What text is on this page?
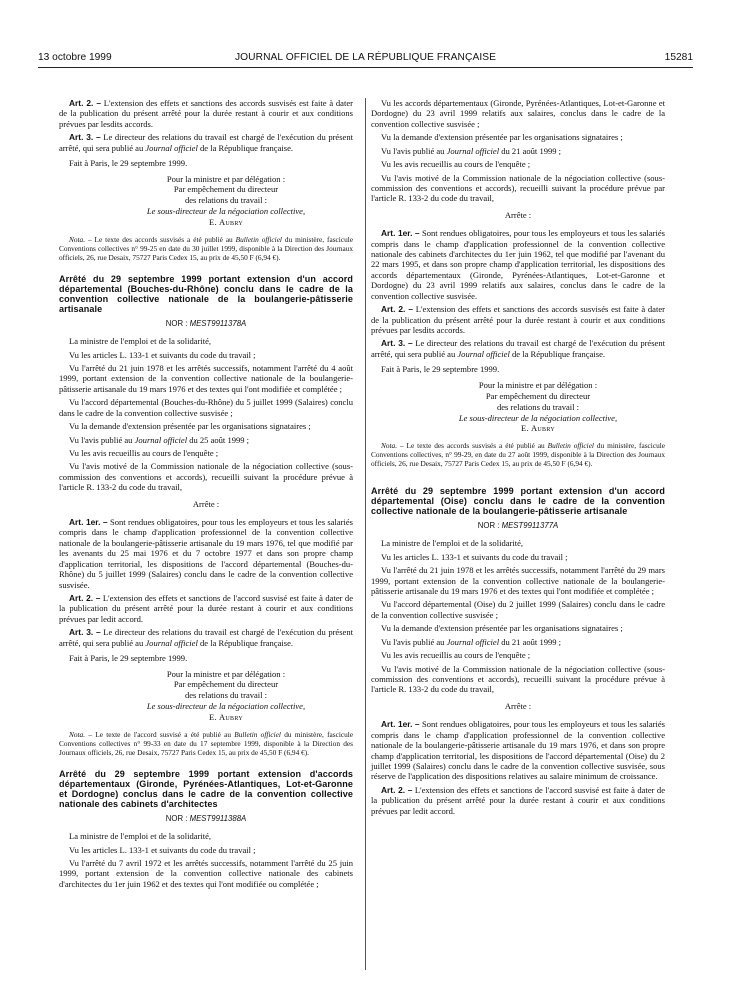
13 octobre 1999	JOURNAL OFFICIEL DE LA RÉPUBLIQUE FRANÇAISE	15281

Art. 2. – L'extension des effets et sanctions des accords susvisés est faite à dater de la publication du présent arrêté pour la durée restant à courir et aux conditions prévues par lesdits accords.

Art. 3. – Le directeur des relations du travail est chargé de l'exécution du présent arrêté, qui sera publié au Journal officiel de la République française.

Fait à Paris, le 29 septembre 1999.

Pour la ministre et par délégation :
Par empêchement du directeur
des relations du travail :
Le sous-directeur de la négociation collective,
E. Aubry

Nota. – Le texte des accords susvisés a été publié au Bulletin officiel du ministère, fascicule Conventions collectives n° 99-25 en date du 30 juillet 1999, disponible à la Direction des Journaux officiels, 26, rue Desaix, 75727 Paris Cedex 15, au prix de 45,50 F (6,94 €).

Arrêté du 29 septembre 1999 portant extension d'un accord départemental (Bouches-du-Rhône) conclu dans le cadre de la convention collective nationale de la boulangerie-pâtisserie artisanale
NOR : MEST9911378A

La ministre de l'emploi et de la solidarité,

Vu les articles L. 133-1 et suivants du code du travail ;

Vu l'arrêté du 21 juin 1978 et les arrêtés successifs, notamment l'arrêté du 4 août 1999, portant extension de la convention collective nationale de la boulangerie-pâtisserie artisanale du 19 mars 1976 et des textes qui l'ont modifiée et complétée ;

Vu l'accord départemental (Bouches-du-Rhône) du 5 juillet 1999 (Salaires) conclu dans le cadre de la convention collective susvisée ;

Vu la demande d'extension présentée par les organisations signataires ;

Vu l'avis publié au Journal officiel du 25 août 1999 ;

Vu les avis recueillis au cours de l'enquête ;

Vu l'avis motivé de la Commission nationale de la négociation collective (sous-commission des conventions et accords), recueilli suivant la procédure prévue à l'article R. 133-2 du code du travail,

Arrête :

Art. 1er. – Sont rendues obligatoires, pour tous les employeurs et tous les salariés compris dans le champ d'application professionnel de la convention collective nationale de la boulangerie-pâtisserie artisanale du 19 mars 1976, tel que modifié par les avenants du 25 mai 1976 et du 7 octobre 1977 et dans son propre champ d'application territorial, les dispositions de l'accord départemental (Bouches-du-Rhône) du 5 juillet 1999 (Salaires) conclu dans le cadre de la convention collective susvisée.

Art. 2. – L'extension des effets et sanctions de l'accord susvisé est faite à dater de la publication du présent arrêté pour la durée restant à courir et aux conditions prévues par ledit accord.

Art. 3. – Le directeur des relations du travail est chargé de l'exécution du présent arrêté, qui sera publié au Journal officiel de la République française.

Fait à Paris, le 29 septembre 1999.

Pour la ministre et par délégation :
Par empêchement du directeur
des relations du travail :
Le sous-directeur de la négociation collective,
E. Aubry

Nota. – Le texte de l'accord susvisé a été publié au Bulletin officiel du ministère, fascicule Conventions collectives n° 99-33 en date du 17 septembre 1999, disponible à la Direction des Journaux officiels, 26, rue Desaix, 75727 Paris Cedex 15, au prix de 45,50 F (6,94 €).

Arrêté du 29 septembre 1999 portant extension d'accords départementaux (Gironde, Pyrénées-Atlantiques, Lot-et-Garonne et Dordogne) conclus dans le cadre de la convention collective nationale des cabinets d'architectes
NOR : MEST9911388A

La ministre de l'emploi et de la solidarité,

Vu les articles L. 133-1 et suivants du code du travail ;

Vu l'arrêté du 7 avril 1972 et les arrêtés successifs, notamment l'arrêté du 25 juin 1999, portant extension de la convention collective nationale des cabinets d'architectes du 1er juin 1962 et des textes qui l'ont modifiée ou complétée ;

Vu les accords départementaux (Gironde, Pyrénées-Atlantiques, Lot-et-Garonne et Dordogne) du 23 avril 1999 relatifs aux salaires, conclus dans le cadre de la convention collective susvisée ;

Vu la demande d'extension présentée par les organisations signataires ;

Vu l'avis publié au Journal officiel du 21 août 1999 ;

Vu les avis recueillis au cours de l'enquête ;

Vu l'avis motivé de la Commission nationale de la négociation collective (sous-commission des conventions et accords), recueilli suivant la procédure prévue par l'article R. 133-2 du code du travail,

Arrête :

Art. 1er. – Sont rendues obligatoires, pour tous les employeurs et tous les salariés compris dans le champ d'application professionnel de la convention collective nationale des cabinets d'architectes du 1er juin 1962, tel que modifié par l'avenant du 22 mars 1995, et dans son propre champ d'application territorial, les dispositions des accords départementaux (Gironde, Pyrénées-Atlantiques, Lot-et-Garonne et Dordogne) du 23 avril 1999 relatifs aux salaires, conclus dans le cadre de la convention collective susvisée.

Art. 2. – L'extension des effets et sanctions des accords susvisés est faite à dater de la publication du présent arrêté pour la durée restant à courir et aux conditions prévues par lesdits accords.

Art. 3. – Le directeur des relations du travail est chargé de l'exécution du présent arrêté, qui sera publié au Journal officiel de la République française.

Fait à Paris, le 29 septembre 1999.

Pour la ministre et par délégation :
Par empêchement du directeur
des relations du travail :
Le sous-directeur de la négociation collective,
E. Aubry

Nota. – Le texte des accords susvisés a été publié au Bulletin officiel du ministère, fascicule Conventions collectives, n° 99-29, en date du 27 août 1999, disponible à la Direction des Journaux officiels, 26, rue Desaix, 75727 Paris Cedex 15, au prix de 45,50 F (6,94 €).

Arrêté du 29 septembre 1999 portant extension d'un accord départemental (Oise) conclu dans le cadre de la convention collective nationale de la boulangerie-pâtisserie artisanale
NOR : MEST9911377A

La ministre de l'emploi et de la solidarité,

Vu les articles L. 133-1 et suivants du code du travail ;

Vu l'arrêté du 21 juin 1978 et les arrêtés successifs, notamment l'arrêté du 29 mars 1999, portant extension de la convention collective nationale de la boulangerie-pâtisserie artisanale du 19 mars 1976 et des textes qui l'ont modifiée et complétée ;

Vu l'accord départemental (Oise) du 2 juillet 1999 (Salaires) conclu dans le cadre de la convention collective susvisée ;

Vu la demande d'extension présentée par les organisations signataires ;

Vu l'avis publié au Journal officiel du 21 août 1999 ;

Vu les avis recueillis au cours de l'enquête ;

Vu l'avis motivé de la Commission nationale de la négociation collective (sous-commission des conventions et accords), recueilli suivant la procédure prévue à l'article R. 133-2 du code du travail,

Arrête :

Art. 1er. – Sont rendues obligatoires, pour tous les employeurs et tous les salariés compris dans le champ d'application professionnel de la convention collective nationale de la boulangerie-pâtisserie artisanale du 19 mars 1976, et dans son propre champ d'application territorial, les dispositions de l'accord départemental (Oise) du 2 juillet 1999 (Salaires) conclu dans le cadre de la convention collective susvisée, sous réserve de l'application des dispositions relatives au salaire minimum de croissance.

Art. 2. – L'extension des effets et sanctions de l'accord susvisé est faite à dater de la publication du présent arrêté pour la durée restant à courir et aux conditions prévues par ledit accord.
